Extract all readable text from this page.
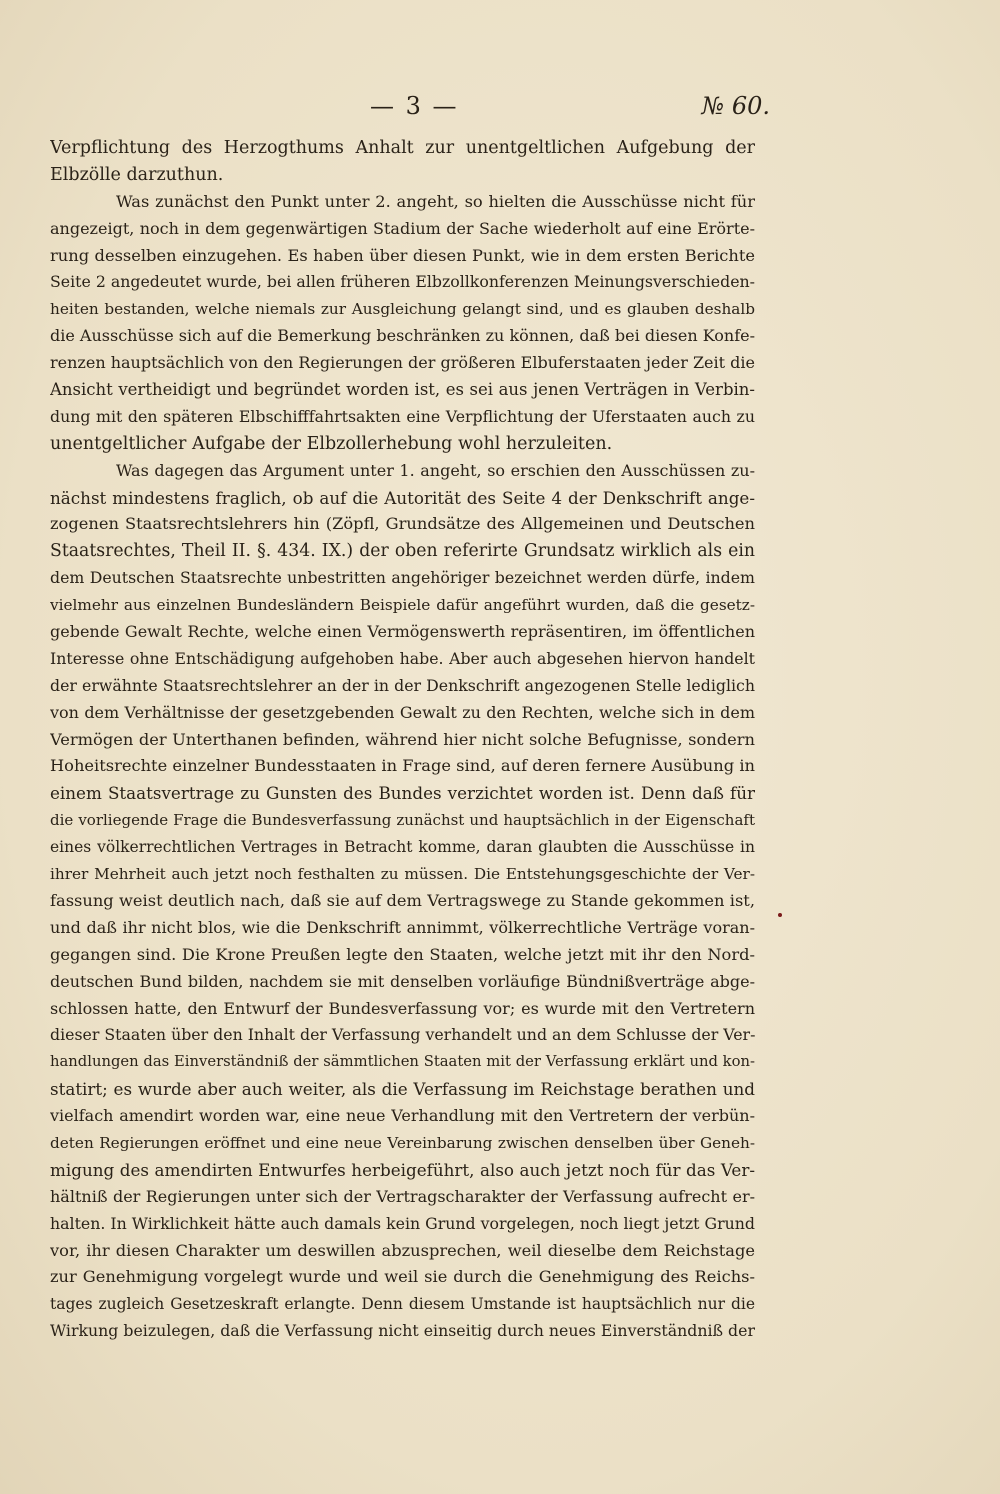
— 3 —	№ 60.
Verpflichtung des Herzogthums Anhalt zur unentgeltlichen Aufgebung der
Elbzölle darzuthun.
Was zunächst den Punkt unter 2. angeht, so hielten die Ausschüsse nicht für
angezeigt, noch in dem gegenwärtigen Stadium der Sache wiederholt auf eine Erörte-
rung desselben einzugehen. Es haben über diesen Punkt, wie in dem ersten Berichte
Seite 2 angedeutet wurde, bei allen früheren Elbzollkonferenzen Meinungsverschieden-
heiten bestanden, welche niemals zur Ausgleichung gelangt sind, und es glauben deshalb
die Ausschüsse sich auf die Bemerkung beschränken zu können, daß bei diesen Konfe-
renzen hauptsächlich von den Regierungen der größeren Elbuferstaaten jeder Zeit die
Ansicht vertheidigt und begründet worden ist, es sei aus jenen Verträgen in Verbin-
dung mit den späteren Elbschifffahrtsakten eine Verpflichtung der Uferstaaten auch zu
unentgeltlicher Aufgabe der Elbzollerhebung wohl herzuleiten.
Was dagegen das Argument unter 1. angeht, so erschien den Ausschüssen zu-
nächst mindestens fraglich, ob auf die Autorität des Seite 4 der Denkschrift ange-
zogenen Staatsrechtslehrers hin (Zöpfl, Grundsätze des Allgemeinen und Deutschen
Staatsrechtes, Theil II. §. 434. IX.) der oben referirte Grundsatz wirklich als ein
dem Deutschen Staatsrechte unbestritten angehöriger bezeichnet werden dürfe, indem
vielmehr aus einzelnen Bundesländern Beispiele dafür angeführt wurden, daß die gesetz-
gebende Gewalt Rechte, welche einen Vermögenswerth repräsentiren, im öffentlichen
Interesse ohne Entschädigung aufgehoben habe. Aber auch abgesehen hiervon handelt
der erwähnte Staatsrechtslehrer an der in der Denkschrift angezogenen Stelle lediglich
von dem Verhältnisse der gesetzgebenden Gewalt zu den Rechten, welche sich in dem
Vermögen der Unterthanen befinden, während hier nicht solche Befugnisse, sondern
Hoheitsrechte einzelner Bundesstaaten in Frage sind, auf deren fernere Ausübung in
einem Staatsvertrage zu Gunsten des Bundes verzichtet worden ist. Denn daß für
die vorliegende Frage die Bundesverfassung zunächst und hauptsächlich in der Eigenschaft
eines völkerrechtlichen Vertrages in Betracht komme, daran glaubten die Ausschüsse in
ihrer Mehrheit auch jetzt noch festhalten zu müssen. Die Entstehungsgeschichte der Ver-
fassung weist deutlich nach, daß sie auf dem Vertragswege zu Stande gekommen ist,
und daß ihr nicht blos, wie die Denkschrift annimmt, völkerrechtliche Verträge voran-
gegangen sind. Die Krone Preußen legte den Staaten, welche jetzt mit ihr den Nord-
deutschen Bund bilden, nachdem sie mit denselben vorläufige Bündnißverträge abge-
schlossen hatte, den Entwurf der Bundesverfassung vor; es wurde mit den Vertretern
dieser Staaten über den Inhalt der Verfassung verhandelt und an dem Schlusse der Ver-
handlungen das Einverständniß der sämmtlichen Staaten mit der Verfassung erklärt und kon-
statirt; es wurde aber auch weiter, als die Verfassung im Reichstage berathen und
vielfach amendirt worden war, eine neue Verhandlung mit den Vertretern der verbün-
deten Regierungen eröffnet und eine neue Vereinbarung zwischen denselben über Geneh-
migung des amendirten Entwurfes herbeigeführt, also auch jetzt noch für das Ver-
hältniß der Regierungen unter sich der Vertragscharakter der Verfassung aufrecht er-
halten. In Wirklichkeit hätte auch damals kein Grund vorgelegen, noch liegt jetzt Grund
vor, ihr diesen Charakter um deswillen abzusprechen, weil dieselbe dem Reichstage
zur Genehmigung vorgelegt wurde und weil sie durch die Genehmigung des Reichs-
tages zugleich Gesetzeskraft erlangte. Denn diesem Umstande ist hauptsächlich nur die
Wirkung beizulegen, daß die Verfassung nicht einseitig durch neues Einverständniß der
